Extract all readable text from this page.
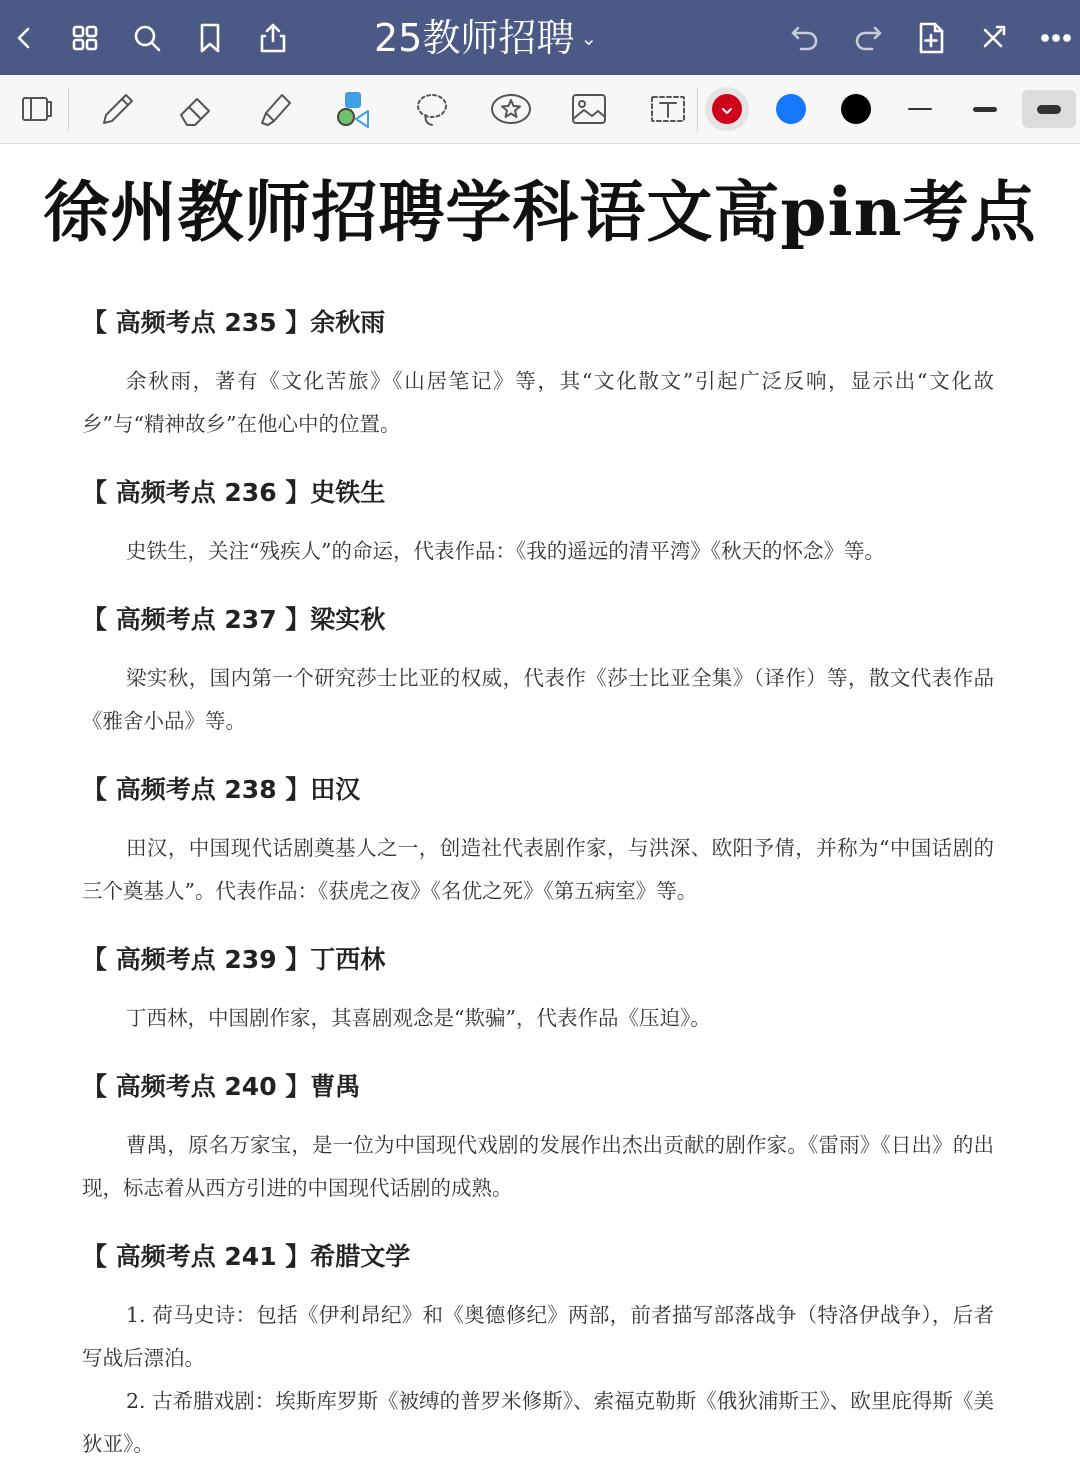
25教师招聘 ⌄
徐州教师招聘学科语文高pin考点
【 高频考点 235 】余秋雨

余秋雨，著有《文化苦旅》《山居笔记》等，其“文化散文”引起广泛反响，显示出“文化故乡”与“精神故乡”在他心中的位置。

【 高频考点 236 】史铁生

史铁生，关注“残疾人”的命运，代表作品：《我的遥远的清平湾》《秋天的怀念》等。

【 高频考点 237 】梁实秋

梁实秋，国内第一个研究莎士比亚的权威，代表作《莎士比亚全集》（译作）等，散文代表作品《雅舍小品》等。

【 高频考点 238 】田汉

田汉，中国现代话剧奠基人之一，创造社代表剧作家，与洪深、欧阳予倩，并称为“中国话剧的三个奠基人”。代表作品：《获虎之夜》《名优之死》《第五病室》等。

【 高频考点 239 】丁西林

丁西林，中国剧作家，其喜剧观念是“欺骗”，代表作品《压迫》。

【 高频考点 240 】曹禺

曹禺，原名万家宝，是一位为中国现代戏剧的发展作出杰出贡献的剧作家。《雷雨》《日出》的出现，标志着从西方引进的中国现代话剧的成熟。

【 高频考点 241 】希腊文学

1. 荷马史诗：包括《伊利昂纪》和《奥德修纪》两部，前者描写部落战争（特洛伊战争），后者写战后漂泊。

2. 古希腊戏剧：埃斯库罗斯《被缚的普罗米修斯》、索福克勒斯《俄狄浦斯王》、欧里庇得斯《美狄亚》。
